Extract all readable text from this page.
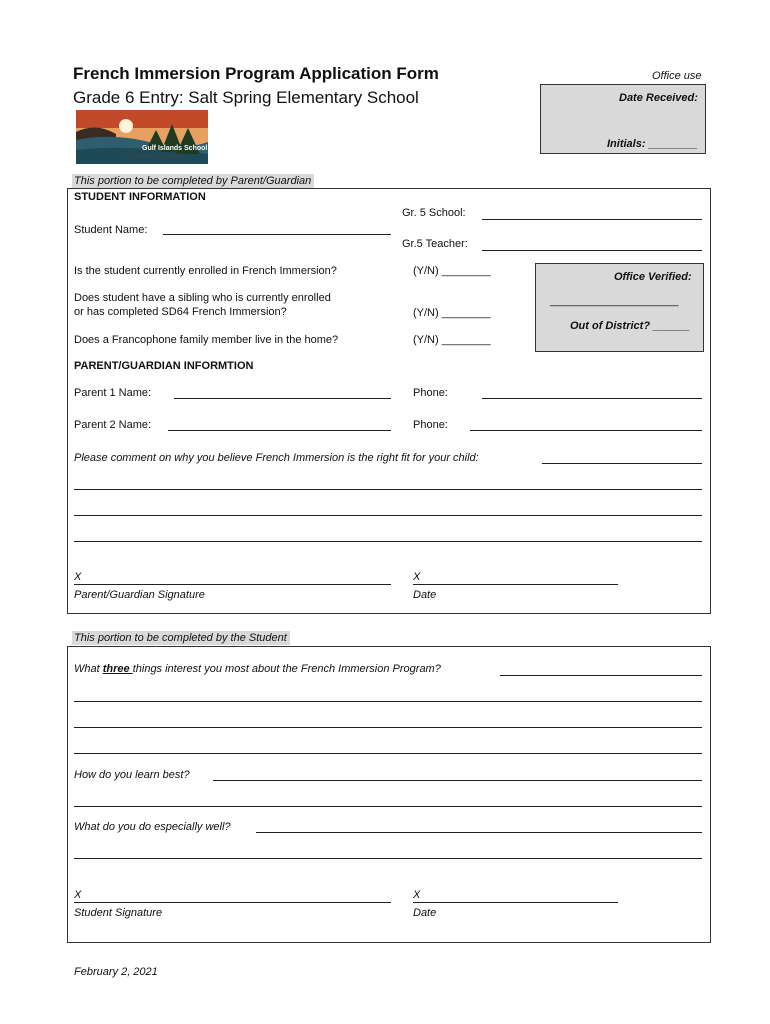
French Immersion Program Application Form
Grade 6 Entry: Salt Spring Elementary School
Office use
Date Received:
Initials: ________
Gulf Islands School District
A Community of Learners
This portion to be completed by Parent/Guardian
STUDENT INFORMATION
Gr. 5 School:
Student Name:
Gr.5 Teacher:
Is the student currently enrolled in French Immersion?	(Y/N) ________
Does student have a sibling who is currently enrolled
or has completed SD64 French Immersion?	(Y/N) ________
Does a Francophone family member live in the home?	(Y/N) ________
Office Verified:
_____________________
Out of District? ______
PARENT/GUARDIAN INFORMTION
Parent 1 Name:	Phone:
Parent 2 Name:	Phone:
Please comment on why you believe French Immersion is the right fit for your child:
X
Parent/Guardian Signature
X
Date
This portion to be completed by the Student
What three things interest you most about the French Immersion Program?
How do you learn best?
What do you do especially well?
X
Student Signature
X
Date
February 2, 2021
